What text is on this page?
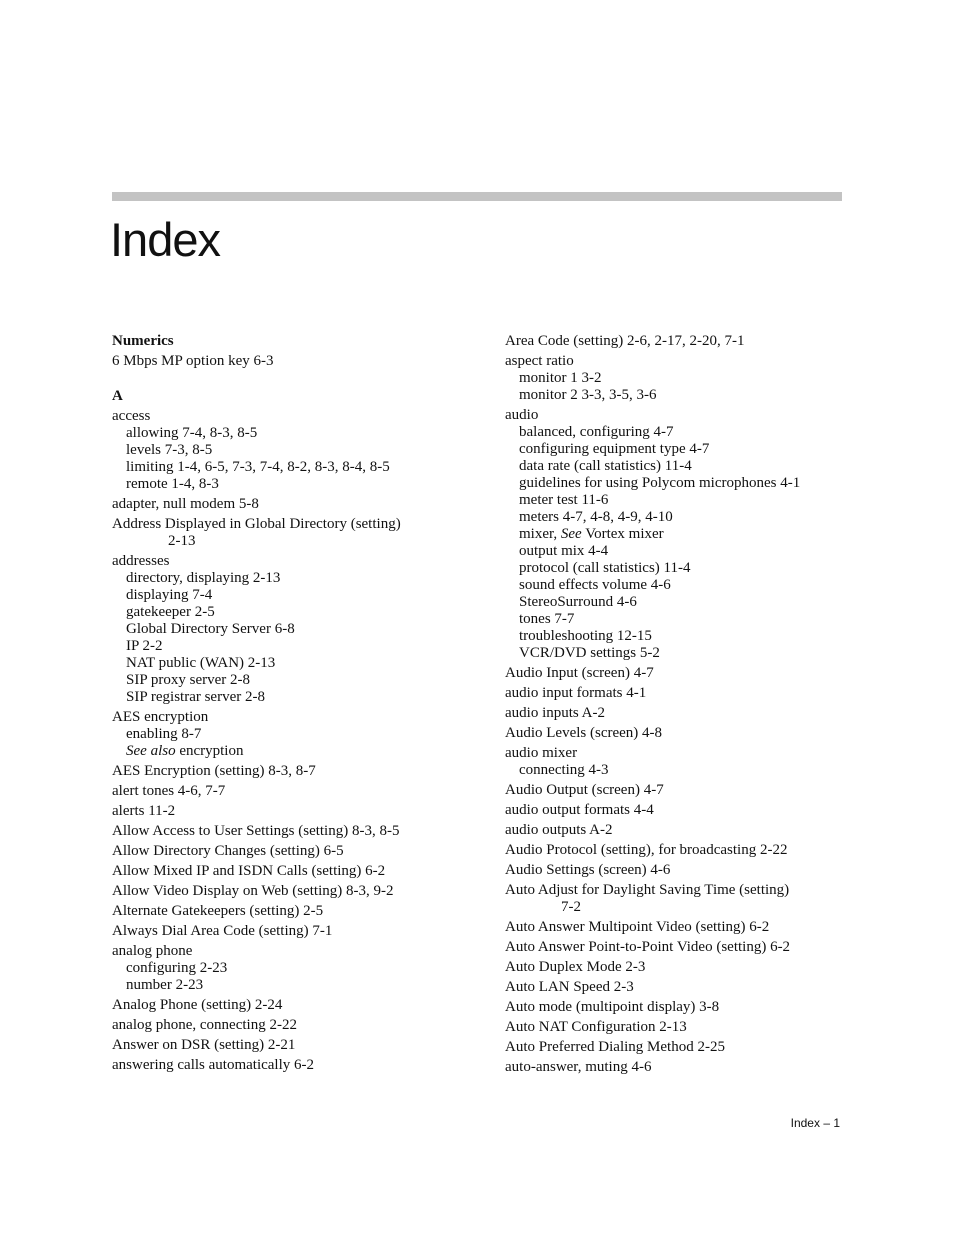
Index
Numerics
6 Mbps MP option key 6-3
A
access
allowing 7-4, 8-3, 8-5
levels 7-3, 8-5
limiting 1-4, 6-5, 7-3, 7-4, 8-2, 8-3, 8-4, 8-5
remote 1-4, 8-3
adapter, null modem 5-8
Address Displayed in Global Directory (setting)
2-13
addresses
directory, displaying 2-13
displaying 7-4
gatekeeper 2-5
Global Directory Server 6-8
IP 2-2
NAT public (WAN) 2-13
SIP proxy server 2-8
SIP registrar server 2-8
AES encryption
enabling 8-7
See also encryption
AES Encryption (setting) 8-3, 8-7
alert tones 4-6, 7-7
alerts 11-2
Allow Access to User Settings (setting) 8-3, 8-5
Allow Directory Changes (setting) 6-5
Allow Mixed IP and ISDN Calls (setting) 6-2
Allow Video Display on Web (setting) 8-3, 9-2
Alternate Gatekeepers (setting) 2-5
Always Dial Area Code (setting) 7-1
analog phone
configuring 2-23
number 2-23
Analog Phone (setting) 2-24
analog phone, connecting 2-22
Answer on DSR (setting) 2-21
answering calls automatically 6-2
Area Code (setting) 2-6, 2-17, 2-20, 7-1
aspect ratio
monitor 1 3-2
monitor 2 3-3, 3-5, 3-6
audio
balanced, configuring 4-7
configuring equipment type 4-7
data rate (call statistics) 11-4
guidelines for using Polycom microphones 4-1
meter test 11-6
meters 4-7, 4-8, 4-9, 4-10
mixer, See Vortex mixer
output mix 4-4
protocol (call statistics) 11-4
sound effects volume 4-6
StereoSurround 4-6
tones 7-7
troubleshooting 12-15
VCR/DVD settings 5-2
Audio Input (screen) 4-7
audio input formats 4-1
audio inputs A-2
Audio Levels (screen) 4-8
audio mixer
connecting 4-3
Audio Output (screen) 4-7
audio output formats 4-4
audio outputs A-2
Audio Protocol (setting), for broadcasting 2-22
Audio Settings (screen) 4-6
Auto Adjust for Daylight Saving Time (setting)
7-2
Auto Answer Multipoint Video (setting) 6-2
Auto Answer Point-to-Point Video (setting) 6-2
Auto Duplex Mode 2-3
Auto LAN Speed 2-3
Auto mode (multipoint display) 3-8
Auto NAT Configuration 2-13
Auto Preferred Dialing Method 2-25
auto-answer, muting 4-6
Index – 1
